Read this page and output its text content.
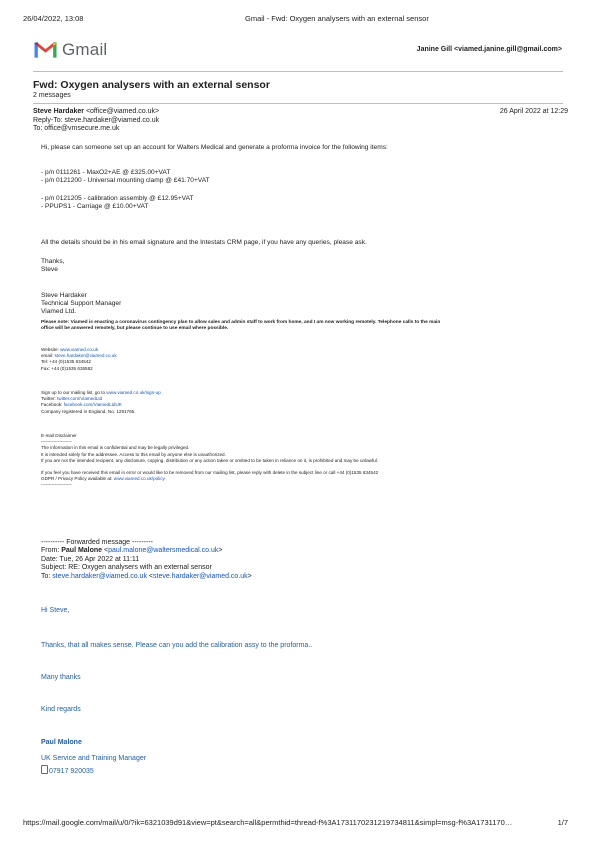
26/04/2022, 13:08	Gmail - Fwd: Oxygen analysers with an external sensor
Gmail	Janine Gill <viamed.janine.gill@gmail.com>
Fwd: Oxygen analysers with an external sensor
2 messages
Steve Hardaker <office@viamed.co.uk>	26 April 2022 at 12:29
Reply-To: steve.hardaker@viamed.co.uk
To: office@vmsecure.me.uk
Hi, please can someone set up an account for Walters Medical and generate a proforma invoice for the following items:
- p/n 0111261 - MaxO2+AE @ £325.00+VAT
- p/n 0121200 - Universal mounting clamp @ £41.70+VAT
- p/n 0121205 - calibration assembly @ £12.95+VAT
- PPUPS1 - Carriage @ £10.00+VAT
All the details should be in his email signature and the Intestats CRM page, if you have any queries, please ask.
Thanks,
Steve
Steve Hardaker
Technical Support Manager
Viamed Ltd.
Please note: Viamed is enacting a coronavirus contingency plan to allow sales and admin staff to work from home, and I am now working remotely. Telephone calls to the main
office will be answered remotely, but please continue to use email where possible.
Website: www.viamed.co.uk
email: steve.hardaker@viamed.co.uk
Tel: +44 (0)1535 634542
Fax: +44 (0)1535 635582
Sign up to our mailing list, go to www.viamed.co.uk/sign-up
Twitter: twitter.com/ViamedLtd
Facebook: facebook.com/ViamedLtdUK
Company registered in England, No. 1291765.
E-mail Disclaimer
--------------------
The information in this email is confidential and may be legally privileged.
It is intended solely for the addressee. Access to this email by anyone else is unauthorized.
If you are not the intended recipient, any disclosure, copying, distribution or any action taken or omitted to be taken in reliance on it, is prohibited and may be unlawful.
If you feel you have received this email in error or would like to be removed from our mailing list, please reply with delete in the subject line or call +44 (0)1535 634542
GDPR / Privacy Policy available at: www.viamed.co.uk/policy
--------------------
---------- Forwarded message ---------
From: Paul Malone <paul.malone@waltersmedical.co.uk>
Date: Tue, 26 Apr 2022 at 11:11
Subject: RE: Oxygen analysers with an external sensor
To: steve.hardaker@viamed.co.uk <steve.hardaker@viamed.co.uk>
Hi Steve,
Thanks, that all makes sense. Please can you add the calibration assy to the proforma..
Many thanks
Kind regards
Paul Malone
UK Service and Training Manager
07917 920035
https://mail.google.com/mail/u/0/?ik=6321039d91&view=pt&search=all&permthid=thread-f%3A1731170231219734811&simpl=msg-f%3A1731170…	1/7
